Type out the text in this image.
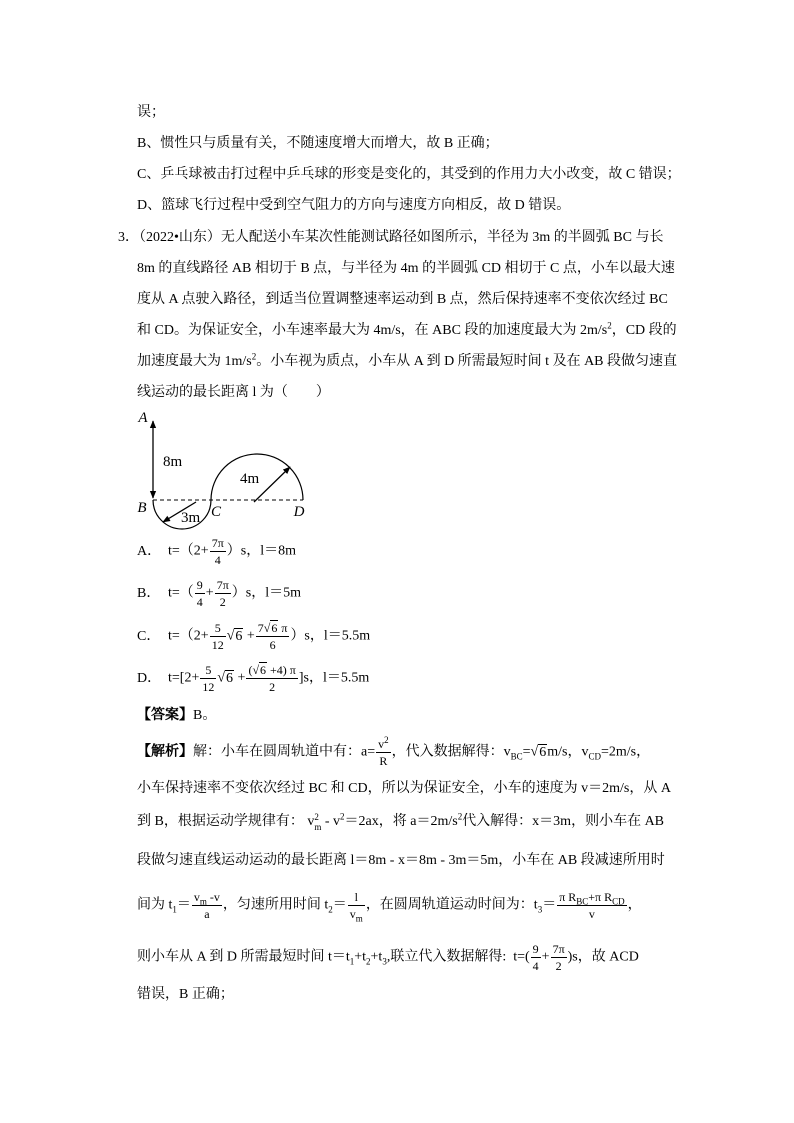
误；
B、惯性只与质量有关，不随速度增大而增大，故 B 正确；
C、乒乓球被击打过程中乒乓球的形变是变化的，其受到的作用力大小改变，故 C 错误；
D、篮球飞行过程中受到空气阻力的方向与速度方向相反，故 D 错误。
3．（2022•山东）无人配送小车某次性能测试路径如图所示，半径为 3m 的半圆弧 BC 与长
8m 的直线路径 AB 相切于 B 点，与半径为 4m 的半圆弧 CD 相切于 C 点，小车以最大速
度从 A 点驶入路径，到适当位置调整速率运动到 B 点，然后保持速率不变依次经过 BC
和 CD。为保证安全，小车速率最大为 4m/s，在 ABC 段的加速度最大为 $2m/s^2$，CD 段的
加速度最大为 $1m/s^2$。小车视为质点，小车从 A 到 D 所需最短时间 t 及在 AB 段做匀速直
线运动的最长距离 l 为（　　）
A
B	C	D
8m
4m
3m
A． $t=(2+ \frac{7\pi}{4} )s$，l＝8m
B． $t=( \frac{9}{4} + \frac{7\pi}{2} )s$，l＝5m
C． $t=(2+ \frac{5}{12} √6 + \frac{7√6 \pi}{6} )s$，l＝5.5m
D． $t=[2+ \frac{5}{12} √6 + \frac{(√6 +4) \pi}{2} ]s$，l＝5.5m
【答案】B。
【解析】解：小车在圆周轨道中有：$a= \frac{v^2}{R}$ ，代入数据解得：$v_{BC}=√6m/s$，$v_{CD}=2m/s$，
小车保持速率不变依次经过 BC 和 CD，所以为保证安全，小车的速度为 v＝2m/s，从 A
到 B，根据运动学规律有： v 2
$m - v^2=2ax$，将 $a=2m/s^2$代入解得：x＝3m，则小车在 AB
段做匀速直线运动运动的最长距离 l＝8m - x＝8m - 3m＝5m，小车在 AB 段减速所用时
间为 $t_1= \frac{v_m -v}{a}$ ，匀速所用时间 $t_2= \frac{l}{v_m}$ ，在圆周轨道运动时间为：$t_3= \frac{\pi R_{BC}+\pi R_{CD}}{v}$ ，
则小车从 A 到 D 所需最短时间 $t=t_1+t_2+t_3$,联立代入数据解得:  $t=( \frac{9}{4} + \frac{7\pi}{2} )s$，故 ACD
错误，B 正确；
